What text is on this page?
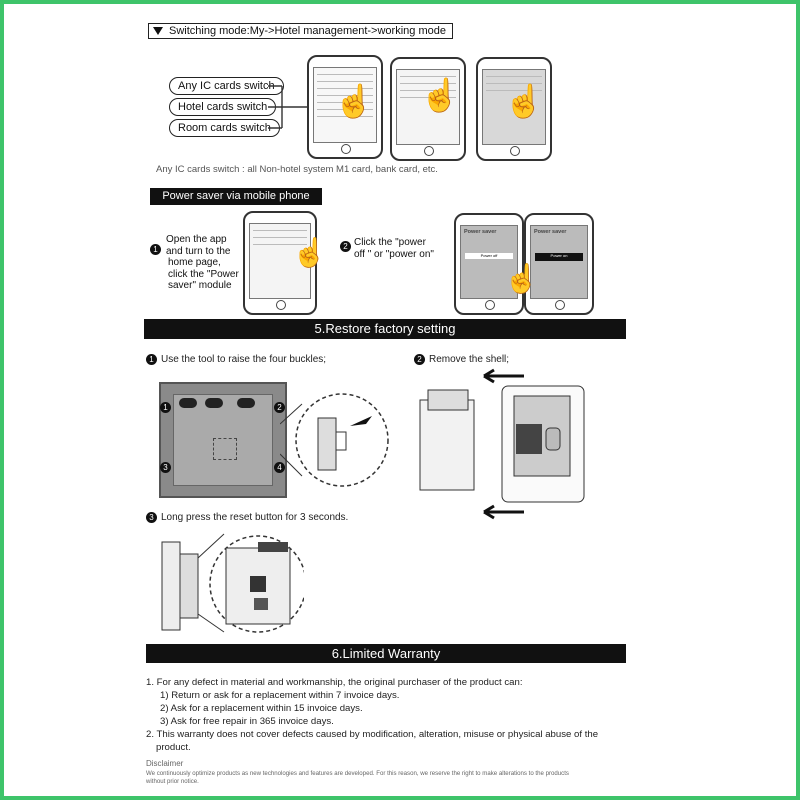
Switching mode:My->Hotel management->working mode
Any IC cards switch
Hotel cards switch
Room cards switch
☝ ☝ ☝
Any IC cards switch : all Non-hotel system M1 card, bank card, etc.
Power saver via mobile phone
☝
1
Open the app
and turn to the
home page,
click the "Power
saver" module
2 Click the "power
off " or "power on"
Power saver
Power off
Power saver
Power on
☝
5.Restore factory setting
1 Use the tool to raise the four buckles;	2 Remove the shell;
1	2
3	4
3 Long press the reset button for 3 seconds.
6.Limited Warranty
1. For any defect in material and workmanship, the original purchaser of the product can:
1) Return or ask for a replacement within 7 invoice days.
2) Ask for a replacement within 15 invoice days.
3) Ask for free repair in 365 invoice days.
2. This warranty does not cover defects caused by modification, alteration, misuse or physical abuse of the
product.
Disclaimer
We continuously optimize products as new technologies and features are developed. For this reason, we reserve the right to make alterations to the products
without prior notice.
